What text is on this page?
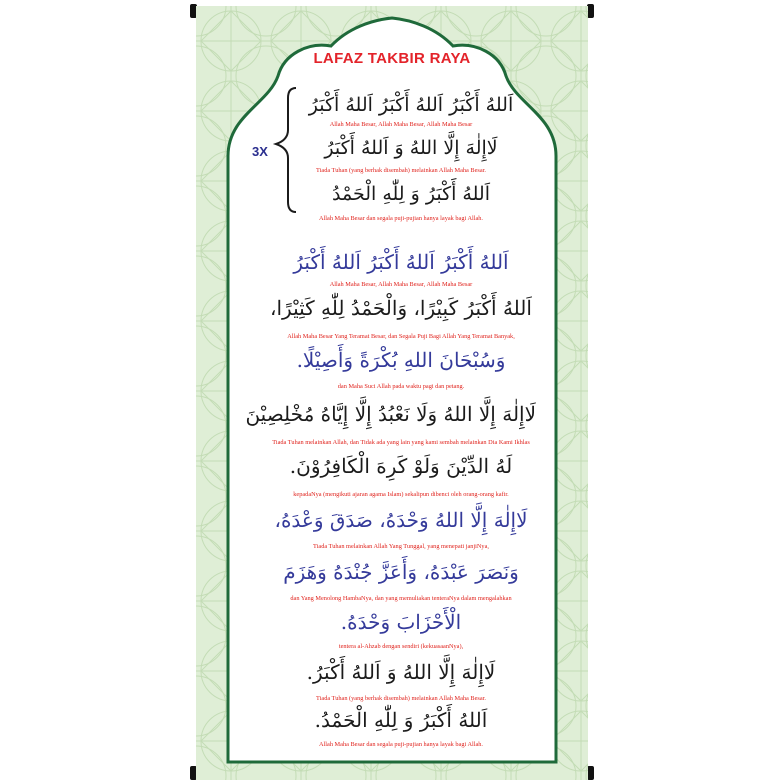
LAFAZ TAKBIR RAYA
3X
اَللهُ أَكْبَرُ اَللهُ أَكْبَرُ اَللهُ أَكْبَرُ
Allah Maha Besar, Allah Maha Besar, Allah Maha Besar
لَاإِلٰهَ إِلَّا اللهُ وَ اَللهُ أَكْبَرُ
Tiada Tuhan (yang berhak disembah) melainkan Allah Maha Besar.
اَللهُ أَكْبَرُ وَ لِلّٰهِ الْحَمْدُ
Allah Maha Besar dan segala puji-pujian hanya layak bagi Allah.
اَللهُ أَكْبَرُ اَللهُ أَكْبَرُ اَللهُ أَكْبَرُ
Allah Maha Besar, Allah Maha Besar, Allah Maha Besar
اَللهُ أَكْبَرُ كَبِيْرًا، وَالْحَمْدُ لِلّٰهِ كَثِيْرًا،
Allah Maha Besar Yang Teramat Besar, dan Segala Puji Bagi Allah Yang Teramat Banyak,
وَسُبْحَانَ اللهِ بُكْرَةً وَأَصِيْلًا.
dan Maha Suci Allah pada waktu pagi dan petang.
لَاإِلٰهَ إِلَّا اللهُ وَلَا نَعْبُدُ إِلَّا إِيَّاهُ مُخْلِصِيْنَ
Tiada Tuhan melainkan Allah, dan Tidak ada yang lain yang kami sembah melainkan Dia Kami Ikhlas
لَهُ الدِّيْنَ وَلَوْ كَرِهَ الْكَافِرُوْنَ.
kepadaNya (mengikuti ajaran agama Islam) sekalipun dibenci oleh orang-orang kafir.
لَاإِلٰهَ إِلَّا اللهُ وَحْدَهُ، صَدَقَ وَعْدَهُ،
Tiada Tuhan melainkan Allah Yang Tunggal, yang menepati janjiNya,
وَنَصَرَ عَبْدَهُ، وَأَعَزَّ جُنْدَهُ وَهَزَمَ
dan Yang Menolong HambaNya, dan yang memuliakan tenteraNya dalam mengalahkan
الْأَحْزَابَ وَحْدَهُ.
tentera al-Ahzab dengan sendiri (kekuasaanNya),
لَاإِلٰهَ إِلَّا اللهُ وَ اَللهُ أَكْبَرُ.
Tiada Tuhan (yang berhak disembah) melainkan Allah Maha Besar.
اَللهُ أَكْبَرُ وَ لِلّٰهِ الْحَمْدُ.
Allah Maha Besar dan segala puji-pujian hanya layak bagi Allah.
